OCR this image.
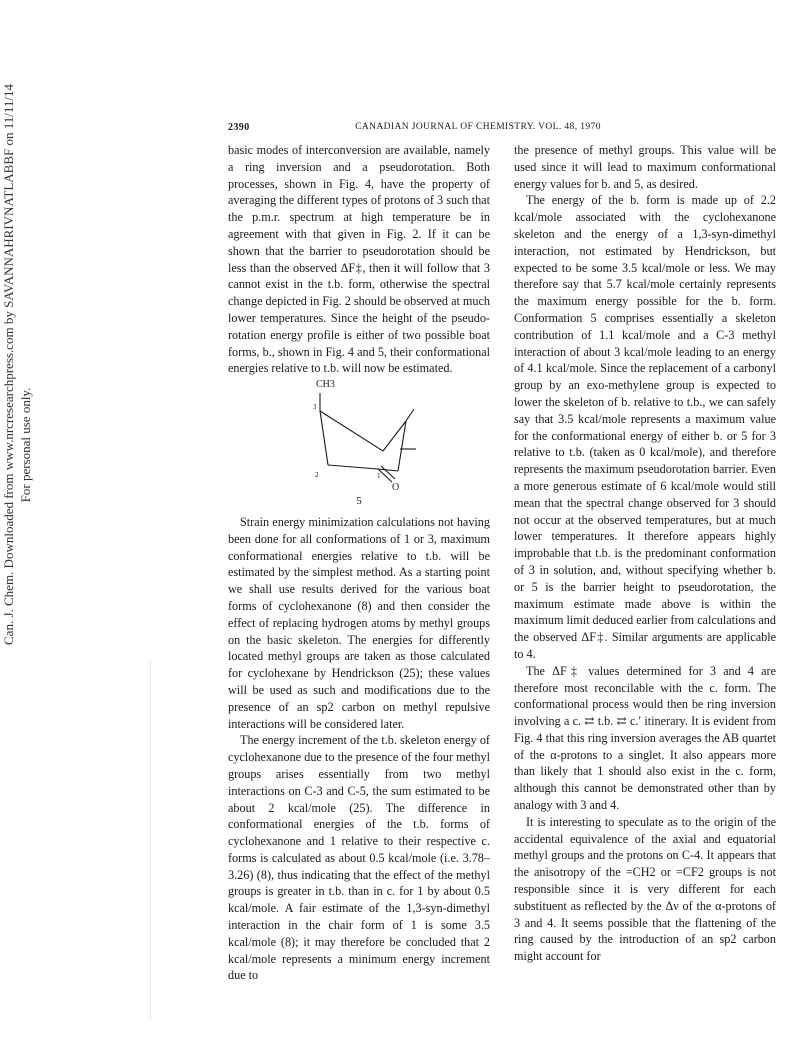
Can. J. Chem. Downloaded from www.nrcresearchpress.com by SAVANNAHRIVNATLABBF on 11/11/14 For personal use only.
2390	CANADIAN JOURNAL OF CHEMISTRY. VOL. 48, 1970

basic modes of interconversion are available, namely a ring inversion and a pseudorotation. Both processes, shown in Fig. 4, have the property of averaging the different types of protons of 3 such that the p.m.r. spectrum at high temperature be in agreement with that given in Fig. 2. If it can be shown that the barrier to pseudorotation should be less than the observed ΔF‡, then it will follow that 3 cannot exist in the t.b. form, otherwise the spectral change depicted in Fig. 2 should be observed at much lower temperatures. Since the height of the pseudo-rotation energy profile is either of two possible boat forms, b., shown in Fig. 4 and 5, their conformational energies relative to t.b. will now be estimated.

CH3
3
2	1
O
5

Strain energy minimization calculations not having been done for all conformations of 1 or 3, maximum conformational energies relative to t.b. will be estimated by the simplest method. As a starting point we shall use results derived for the various boat forms of cyclohexanone (8) and then consider the effect of replacing hydrogen atoms by methyl groups on the basic skeleton. The energies for differently located methyl groups are taken as those calculated for cyclohexane by Hendrickson (25); these values will be used as such and modifications due to the presence of an sp2 carbon on methyl repulsive interactions will be considered later.

The energy increment of the t.b. skeleton energy of cyclohexanone due to the presence of the four methyl groups arises essentially from two methyl interactions on C-3 and C-5, the sum estimated to be about 2 kcal/mole (25). The difference in conformational energies of the t.b. forms of cyclohexanone and 1 relative to their respective c. forms is calculated as about 0.5 kcal/mole (i.e. 3.78–3.26) (8), thus indicating that the effect of the methyl groups is greater in t.b. than in c. for 1 by about 0.5 kcal/mole. A fair estimate of the 1,3-syn-dimethyl interaction in the chair form of 1 is some 3.5 kcal/mole (8); it may therefore be concluded that 2 kcal/mole represents a minimum energy increment due to

the presence of methyl groups. This value will be used since it will lead to maximum conformational energy values for b. and 5, as desired.

The energy of the b. form is made up of 2.2 kcal/mole associated with the cyclohexanone skeleton and the energy of a 1,3-syn-dimethyl interaction, not estimated by Hendrickson, but expected to be some 3.5 kcal/mole or less. We may therefore say that 5.7 kcal/mole certainly represents the maximum energy possible for the b. form. Conformation 5 comprises essentially a skeleton contribution of 1.1 kcal/mole and a C-3 methyl interaction of about 3 kcal/mole leading to an energy of 4.1 kcal/mole. Since the replacement of a carbonyl group by an exo-methylene group is expected to lower the skeleton of b. relative to t.b., we can safely say that 3.5 kcal/mole represents a maximum value for the conformational energy of either b. or 5 for 3 relative to t.b. (taken as 0 kcal/mole), and therefore represents the maximum pseudorotation barrier. Even a more generous estimate of 6 kcal/mole would still mean that the spectral change observed for 3 should not occur at the observed temperatures, but at much lower temperatures. It therefore appears highly improbable that t.b. is the predominant conformation of 3 in solution, and, without specifying whether b. or 5 is the barrier height to pseudorotation, the maximum estimate made above is within the maximum limit deduced earlier from calculations and the observed ΔF‡. Similar arguments are applicable to 4.

The ΔF‡ values determined for 3 and 4 are therefore most reconcilable with the c. form. The conformational process would then be ring inversion involving a c. ⇄ t.b. ⇄ c.′ itinerary. It is evident from Fig. 4 that this ring inversion averages the AB quartet of the α-protons to a singlet. It also appears more than likely that 1 should also exist in the c. form, although this cannot be demonstrated other than by analogy with 3 and 4.

It is interesting to speculate as to the origin of the accidental equivalence of the axial and equatorial methyl groups and the protons on C-4. It appears that the anisotropy of the =CH2 or =CF2 groups is not responsible since it is very different for each substituent as reflected by the Δν of the α-protons of 3 and 4. It seems possible that the flattening of the ring caused by the introduction of an sp2 carbon might account for
